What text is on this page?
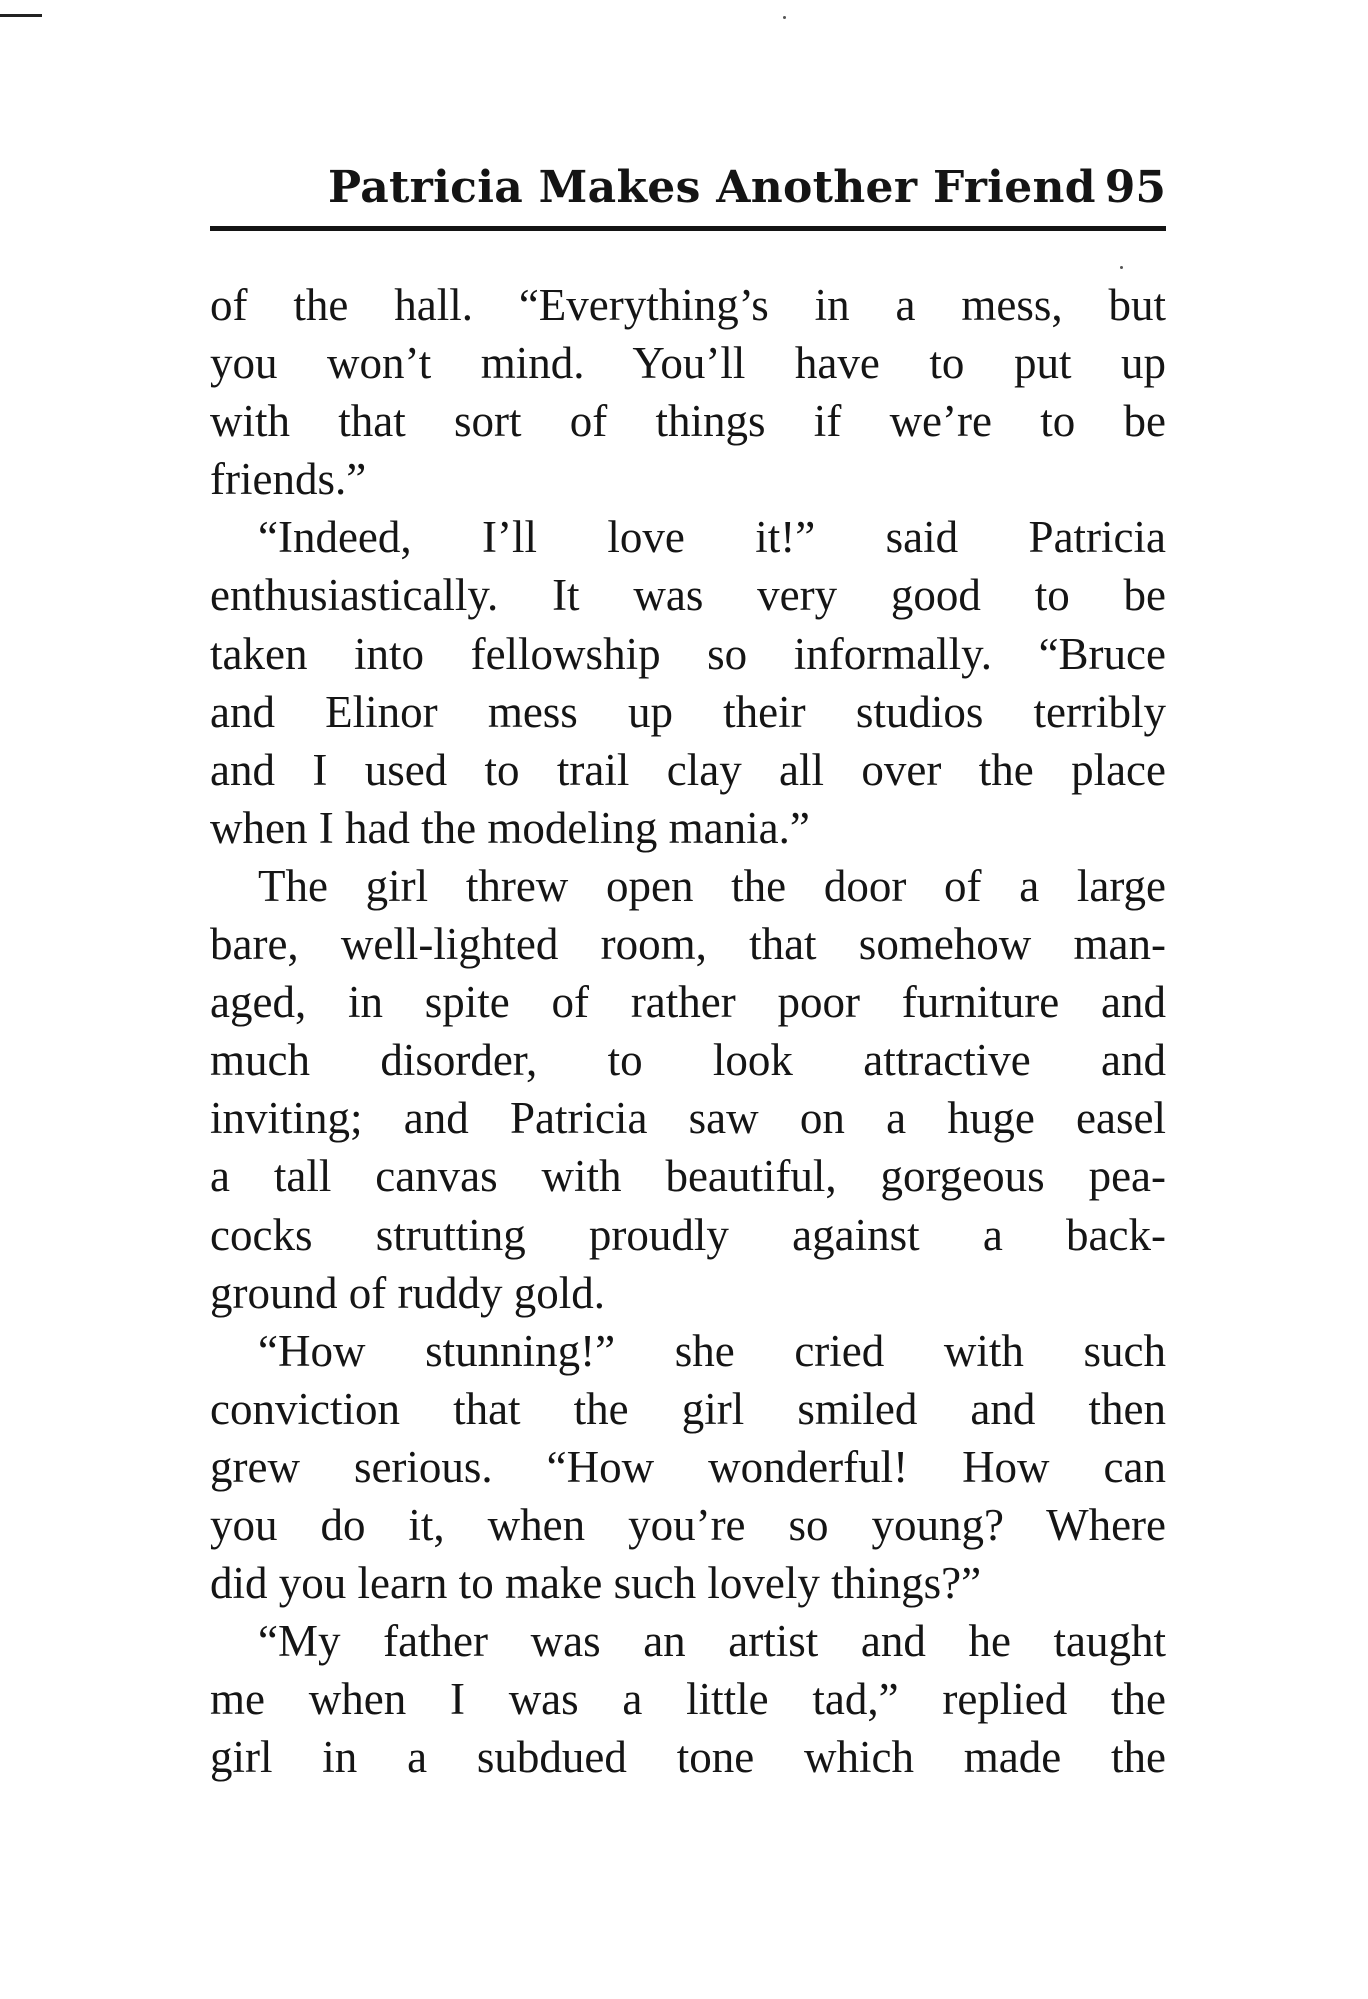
Patricia Makes Another Friend 95
of the hall. “Everything’s in a mess, but
you won’t mind. You’ll have to put up
with that sort of things if we’re to be
friends.”
“Indeed, I’ll love it!” said Patricia
enthusiastically. It was very good to be
taken into fellowship so informally. “Bruce
and Elinor mess up their studios terribly
and I used to trail clay all over the place
when I had the modeling mania.”
The girl threw open the door of a large
bare, well-lighted room, that somehow man-
aged, in spite of rather poor furniture and
much disorder, to look attractive and
inviting; and Patricia saw on a huge easel
a tall canvas with beautiful, gorgeous pea-
cocks strutting proudly against a back-
ground of ruddy gold.
“How stunning!” she cried with such
conviction that the girl smiled and then
grew serious. “How wonderful! How can
you do it, when you’re so young? Where
did you learn to make such lovely things?”
“My father was an artist and he taught
me when I was a little tad,” replied the
girl in a subdued tone which made the
